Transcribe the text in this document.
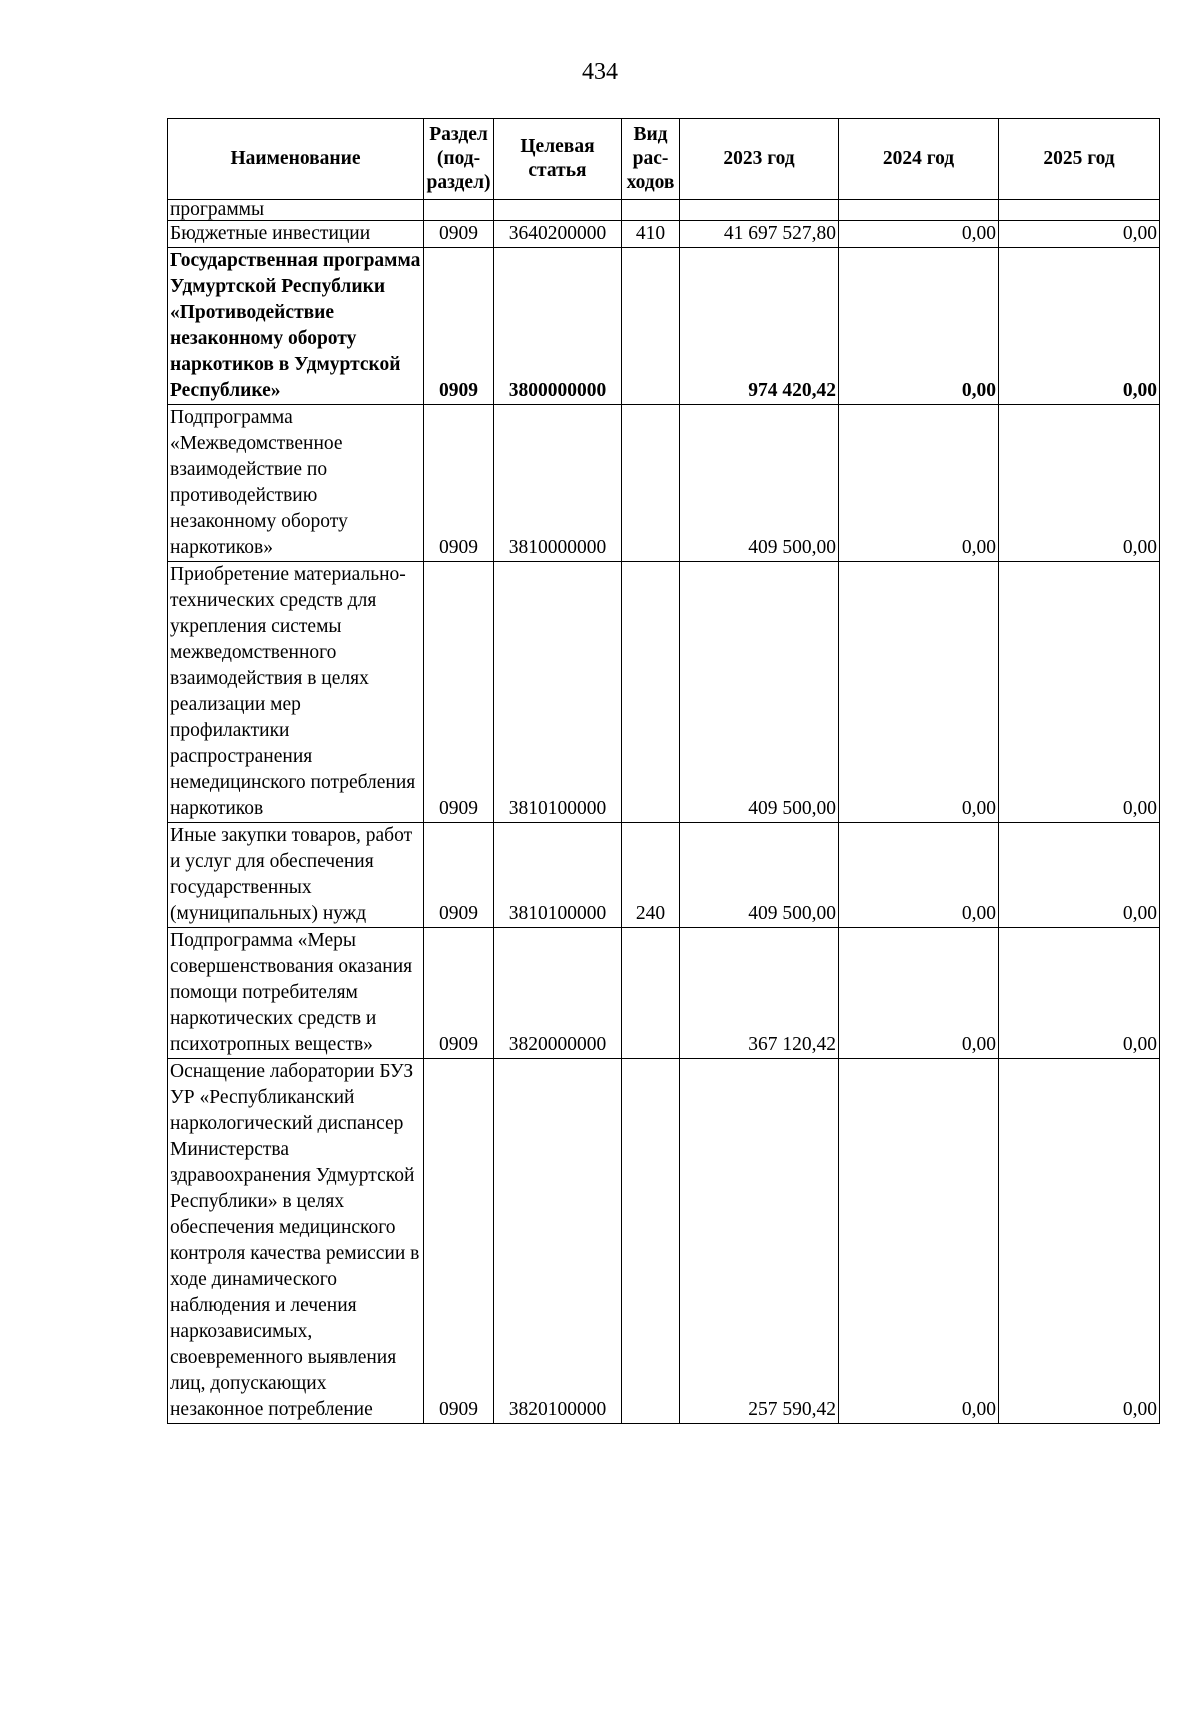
434
Наименование	Раздел (под-раздел)	Целевая статья	Вид рас-ходов	2023 год	2024 год	2025 год
программы						
Бюджетные инвестиции	0909	3640200000	410	41 697 527,80	0,00	0,00
Государственная программа Удмуртской Республики «Противодействие незаконному обороту наркотиков в Удмуртской Республике»	0909	3800000000		974 420,42	0,00	0,00
Подпрограмма «Межведомственное взаимодействие по противодействию незаконному обороту наркотиков»	0909	3810000000		409 500,00	0,00	0,00
Приобретение материально-технических средств для укрепления системы межведомственного взаимодействия в целях реализации мер профилактики распространения немедицинского потребления наркотиков	0909	3810100000		409 500,00	0,00	0,00
Иные закупки товаров, работ и услуг для обеспечения государственных (муниципальных) нужд	0909	3810100000	240	409 500,00	0,00	0,00
Подпрограмма «Меры совершенствования оказания помощи потребителям наркотических средств и психотропных веществ»	0909	3820000000		367 120,42	0,00	0,00
Оснащение лаборатории БУЗ УР «Республиканский наркологический диспансер Министерства здравоохранения Удмуртской Республики» в целях обеспечения медицинского контроля качества ремиссии в ходе динамического наблюдения и лечения наркозависимых, своевременного выявления лиц, допускающих незаконное потребление	0909	3820100000		257 590,42	0,00	0,00
